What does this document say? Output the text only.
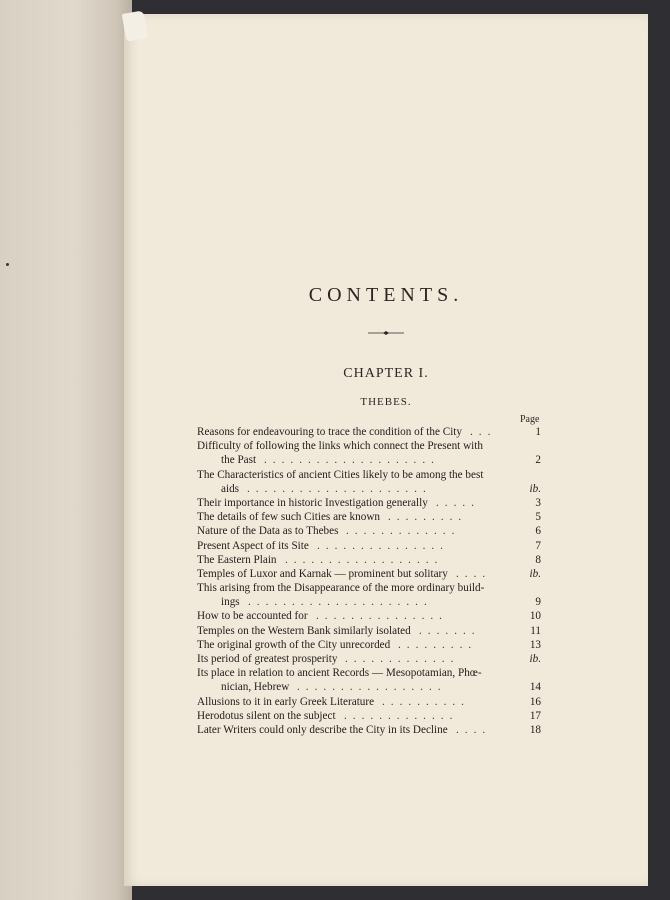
CONTENTS.
CHAPTER I.
THEBES.
Page
Reasons for endeavouring to trace the condition of the City	1
...
Difficulty of following the links which connect the Present with
the Past	2
....................
The Characteristics of ancient Cities likely to be among the best
aids	ib.
.....................
Their importance in historic Investigation generally	3
.....
The details of few such Cities are known	5
.........
Nature of the Data as to Thebes	6
.............
Present Aspect of its Site	7
...............
The Eastern Plain	8
..................
Temples of Luxor and Karnak — prominent but solitary	ib.
....
This arising from the Disappearance of the more ordinary build-
ings	9
.....................
How to be accounted for	10
...............
Temples on the Western Bank similarly isolated	11
.......
The original growth of the City unrecorded	13
.........
Its period of greatest prosperity	ib.
.............
Its place in relation to ancient Records — Mesopotamian, Phœ-
nician, Hebrew	14
.................
Allusions to it in early Greek Literature	16
..........
Herodotus silent on the subject	17
.............
Later Writers could only describe the City in its Decline	18
....
